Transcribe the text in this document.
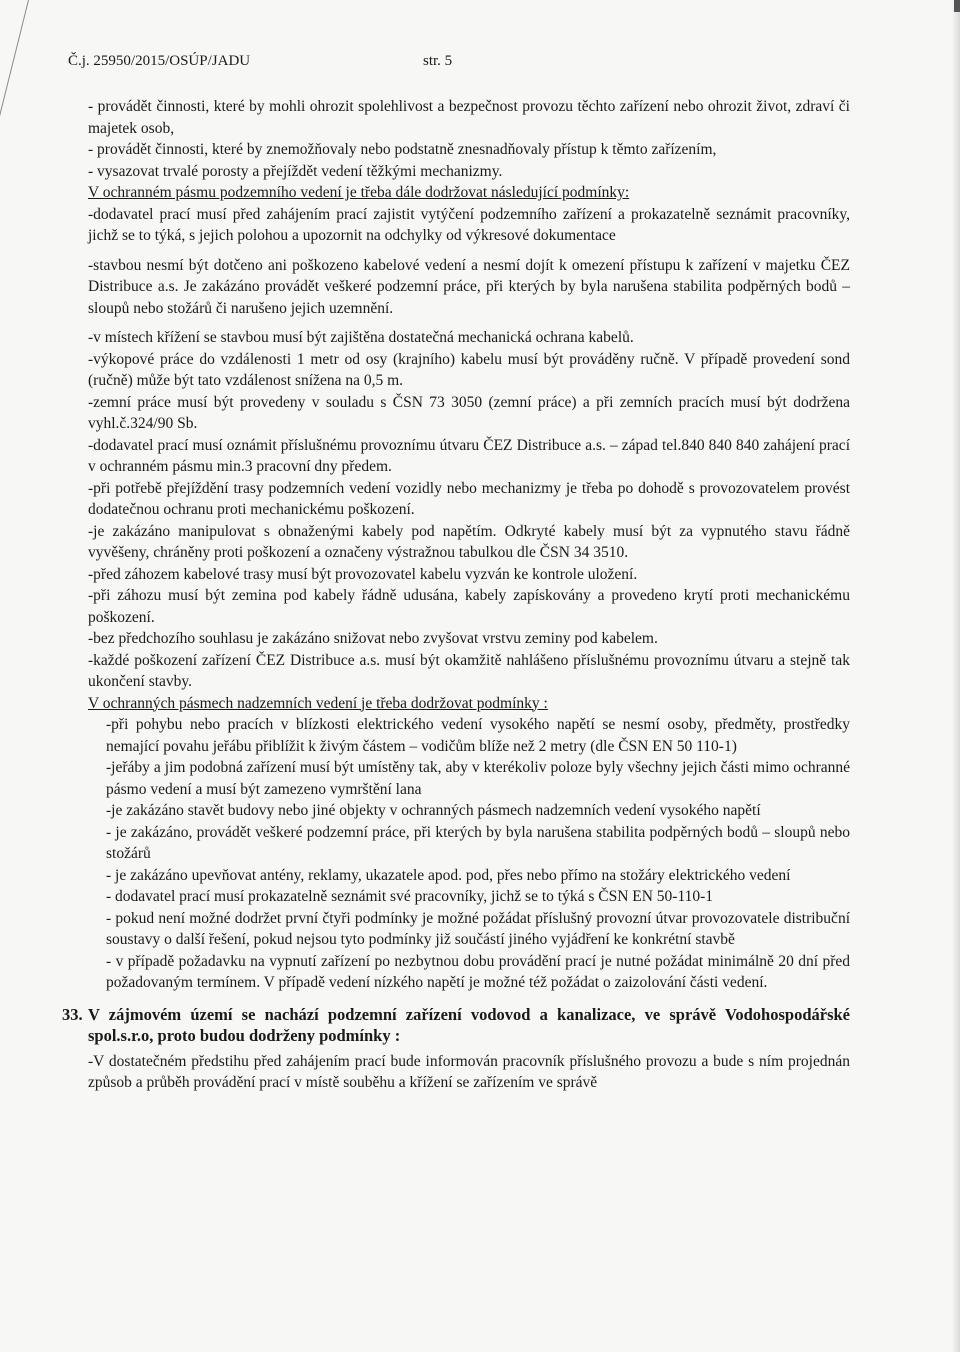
Č.j. 25950/2015/OSÚP/JADU	str. 5

- provádět činnosti, které by mohli ohrozit spolehlivost a bezpečnost provozu těchto zařízení nebo ohrozit život, zdraví či majetek osob,

- provádět činnosti, které by znemožňovaly nebo podstatně znesnadňovaly přístup k těmto zařízením,

- vysazovat trvalé porosty a přejíždět vedení těžkými mechanizmy.

V ochranném pásmu podzemního vedení je třeba dále dodržovat následující podmínky:

-dodavatel prací musí před zahájením prací zajistit vytýčení podzemního zařízení a prokazatelně seznámit pracovníky, jichž se to týká, s jejich polohou a upozornit na odchylky od výkresové dokumentace

-stavbou nesmí být dotčeno ani poškozeno kabelové vedení a nesmí dojít k omezení přístupu k zařízení v majetku ČEZ Distribuce a.s. Je zakázáno provádět veškeré podzemní práce, při kterých by byla narušena stabilita podpěrných bodů – sloupů nebo stožárů či narušeno jejich uzemnění.

-v místech křížení se stavbou musí být zajištěna dostatečná mechanická ochrana kabelů.

-výkopové práce do vzdálenosti 1 metr od osy (krajního) kabelu musí být prováděny ručně. V případě provedení sond (ručně) může být tato vzdálenost snížena na 0,5 m.

-zemní práce musí být provedeny v souladu s ČSN 73 3050 (zemní práce) a při zemních pracích musí být dodržena vyhl.č.324/90 Sb.

-dodavatel prací musí oznámit příslušnému provoznímu útvaru ČEZ Distribuce a.s. – západ tel.840 840 840 zahájení prací v ochranném pásmu min.3 pracovní dny předem.

-při potřebě přejíždění trasy podzemních vedení vozidly nebo mechanizmy je třeba po dohodě s provozovatelem provést dodatečnou ochranu proti mechanickému poškození.

-je zakázáno manipulovat s obnaženými kabely pod napětím. Odkryté kabely musí být za vypnutého stavu řádně vyvěšeny, chráněny proti poškození a označeny výstražnou tabulkou dle ČSN 34 3510.

-před záhozem kabelové trasy musí být provozovatel kabelu vyzván ke kontrole uložení.

-při záhozu musí být zemina pod kabely řádně udusána, kabely zapískovány a provedeno krytí proti mechanickému poškození.

-bez předchozího souhlasu je zakázáno snižovat nebo zvyšovat vrstvu zeminy pod kabelem.

-každé poškození zařízení ČEZ Distribuce a.s. musí být okamžitě nahlášeno příslušnému provoznímu útvaru a stejně tak ukončení stavby.

V ochranných pásmech nadzemních vedení je třeba dodržovat podmínky :

-při pohybu nebo pracích v blízkosti elektrického vedení vysokého napětí se nesmí osoby, předměty, prostředky nemající povahu jeřábu přiblížit k živým částem – vodičům blíže než 2 metry (dle ČSN EN 50 110-1)

-jeřáby a jim podobná zařízení musí být umístěny tak, aby v kterékoliv poloze byly všechny jejich části mimo ochranné pásmo vedení a musí být zamezeno vymrštění lana

-je zakázáno stavět budovy nebo jiné objekty v ochranných pásmech nadzemních vedení vysokého napětí

- je zakázáno, provádět veškeré podzemní práce, při kterých by byla narušena stabilita podpěrných bodů – sloupů nebo stožárů

- je zakázáno upevňovat antény, reklamy, ukazatele apod. pod, přes nebo přímo na stožáry elektrického vedení

- dodavatel prací musí prokazatelně seznámit své pracovníky, jichž se to týká s ČSN EN 50-110-1

- pokud není možné dodržet první čtyři podmínky je možné požádat příslušný provozní útvar provozovatele distribuční soustavy o další řešení, pokud nejsou tyto podmínky již součástí jiného vyjádření ke konkrétní stavbě

- v případě požadavku na vypnutí zařízení po nezbytnou dobu provádění prací je nutné požádat minimálně 20 dní před požadovaným termínem. V případě vedení nízkého napětí je možné též požádat o zaizolování části vedení.

33. V zájmovém území se nachází podzemní zařízení vodovod a kanalizace, ve správě Vodohospodářské spol.s.r.o, proto budou dodrženy podmínky :

-V dostatečném předstihu před zahájením prací bude informován pracovník příslušného provozu a bude s ním projednán způsob a průběh provádění prací v místě souběhu a křížení se zařízením ve správě
